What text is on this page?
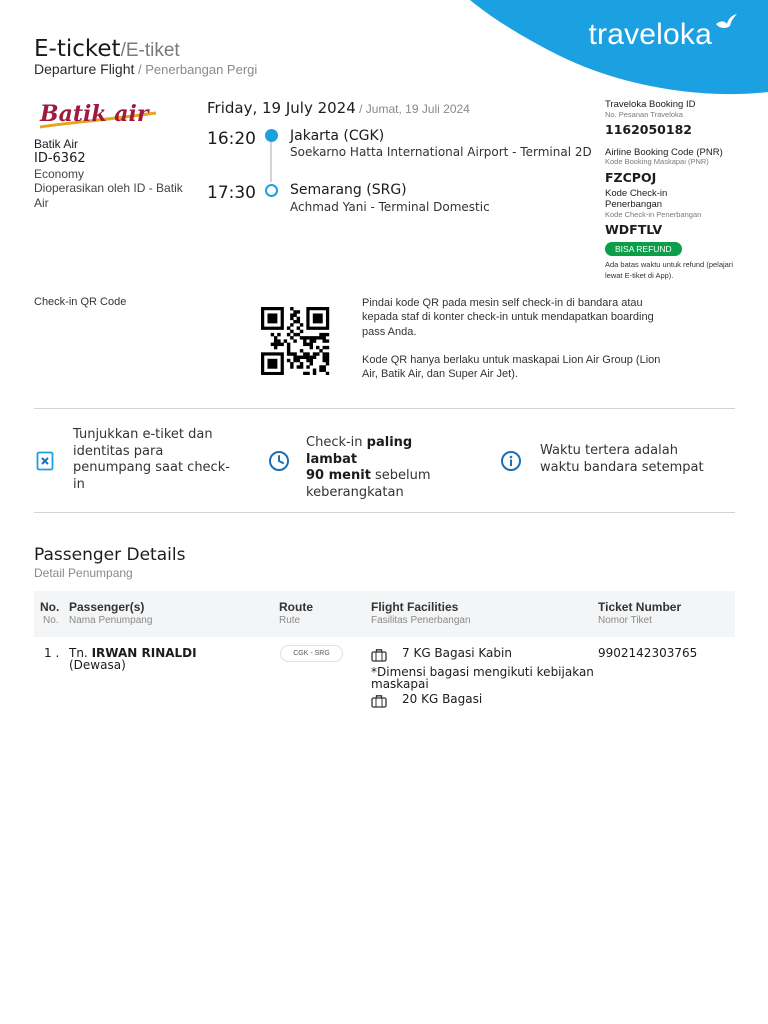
traveloka
E-ticket / E-tiket
Departure Flight / Penerbangan Pergi
Batik air
Batik Air
ID-6362
Economy
Dioperasikan oleh ID - Batik Air
Friday, 19 July 2024 / Jumat, 19 Juli 2024
16:20 Jakarta (CGK)
Soekarno Hatta International Airport - Terminal 2D
17:30 Semarang (SRG)
Achmad Yani - Terminal Domestic
Traveloka Booking ID
No. Pesanan Traveloka
1162050182
Airline Booking Code (PNR)
Kode Booking Maskapai (PNR)
FZCPOJ
Kode Check-in Penerbangan
Kode Check-in Penerbangan
WDFTLV
BISA REFUND
Ada batas waktu untuk refund (pelajari lewat E-tiket di App).
Check-in QR Code	Pindai kode QR pada mesin self check-in di bandara atau kepada staf di konter check-in untuk mendapatkan boarding pass Anda.
Kode QR hanya berlaku untuk maskapai Lion Air Group (Lion Air, Batik Air, dan Super Air Jet).
Tunjukkan e-tiket dan identitas para penumpang saat check-in
Check-in paling lambat
90 menit sebelum keberangkatan
Waktu tertera adalah waktu bandara setempat
Passenger Details
Detail Penumpang
No.
No.
Passenger(s)
Nama Penumpang
Route
Rute
Flight Facilities
Fasilitas Penerbangan
Ticket Number
Nomor Tiket
1 . Tn. IRWAN RINALDI
(Dewasa)
CGK - SRG	7 KG Bagasi Kabin
*Dimensi bagasi mengikuti kebijakan maskapai
20 KG Bagasi
9902142303765
